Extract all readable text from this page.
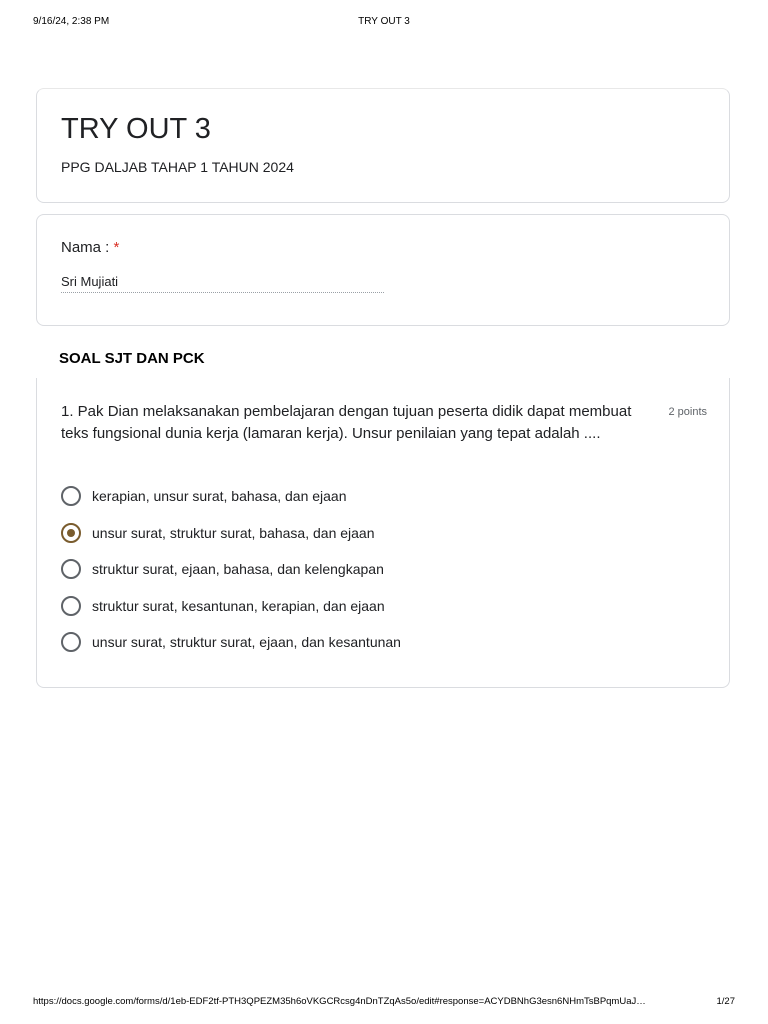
9/16/24, 2:38 PM	TRY OUT 3
TRY OUT 3
PPG DALJAB TAHAP 1 TAHUN 2024
Nama : *
Sri Mujiati
SOAL SJT DAN PCK
1. Pak Dian melaksanakan pembelajaran dengan tujuan peserta didik dapat membuat teks fungsional dunia kerja (lamaran kerja). Unsur penilaian yang tepat adalah ....
2 points
kerapian, unsur surat, bahasa, dan ejaan
unsur surat, struktur surat, bahasa, dan ejaan
struktur surat, ejaan, bahasa, dan kelengkapan
struktur surat, kesantunan, kerapian, dan ejaan
unsur surat, struktur surat, ejaan, dan kesantunan
https://docs.google.com/forms/d/1eb-EDF2tf-PTH3QPEZM35h6oVKGCRcsg4nDnTZqAs5o/edit#response=ACYDBNhG3esn6NHmTsBPqmUaJ…	1/27
